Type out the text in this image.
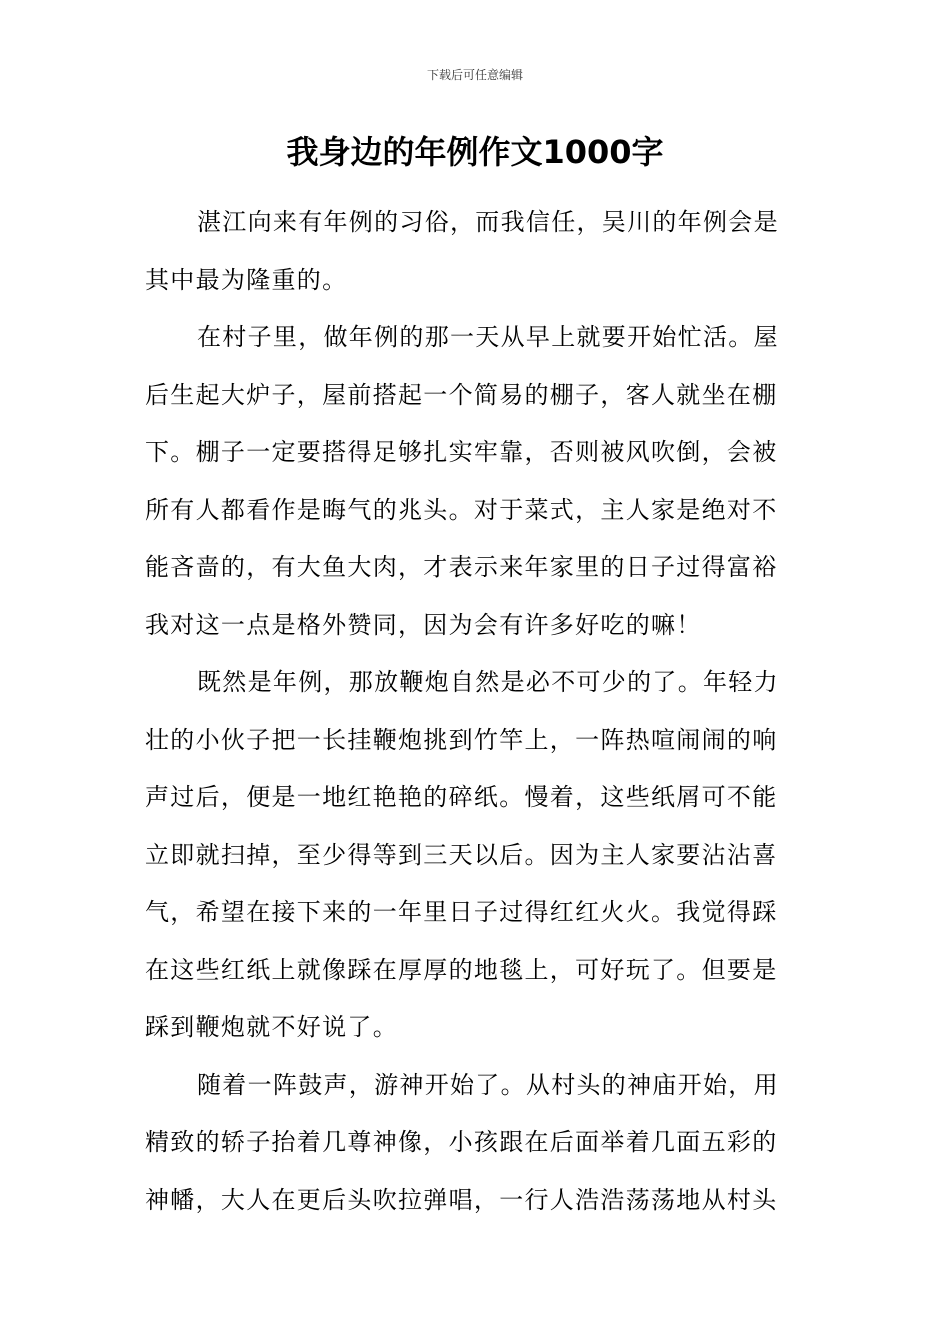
下载后可任意编辑
我身边的年例作文1000字
湛江向来有年例的习俗，而我信任，吴川的年例会是
其中最为隆重的。
在村子里，做年例的那一天从早上就要开始忙活。屋
后生起大炉子，屋前搭起一个简易的棚子，客人就坐在棚
下。棚子一定要搭得足够扎实牢靠，否则被风吹倒，会被
所有人都看作是晦气的兆头。对于菜式，主人家是绝对不
能吝啬的，有大鱼大肉，才表示来年家里的日子过得富裕
我对这一点是格外赞同，因为会有许多好吃的嘛！
既然是年例，那放鞭炮自然是必不可少的了。年轻力
壮的小伙子把一长挂鞭炮挑到竹竿上，一阵热喧闹闹的响
声过后，便是一地红艳艳的碎纸。慢着，这些纸屑可不能
立即就扫掉，至少得等到三天以后。因为主人家要沾沾喜
气，希望在接下来的一年里日子过得红红火火。我觉得踩
在这些红纸上就像踩在厚厚的地毯上，可好玩了。但要是
踩到鞭炮就不好说了。
随着一阵鼓声，游神开始了。从村头的神庙开始，用
精致的轿子抬着几尊神像，小孩跟在后面举着几面五彩的
神幡，大人在更后头吹拉弹唱，一行人浩浩荡荡地从村头
